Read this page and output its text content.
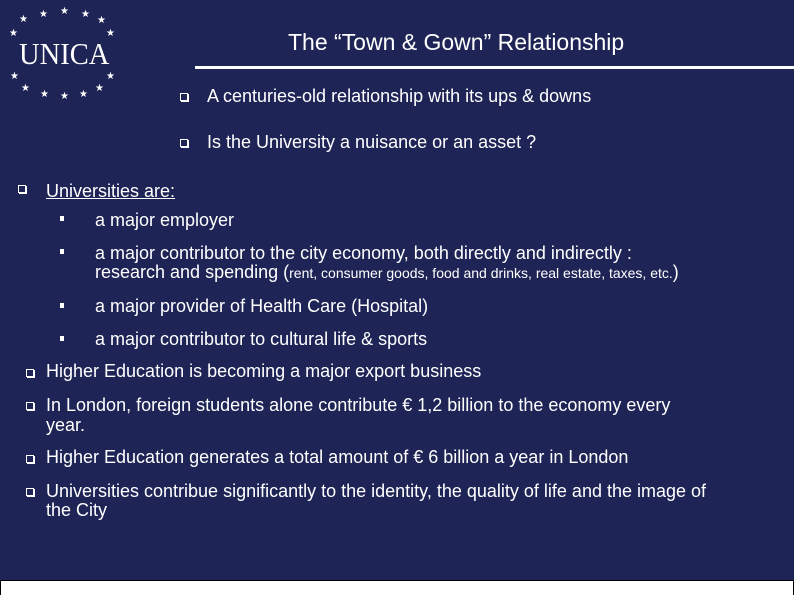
★ ★ ★ ★
★
★	★
UNICA
★	★
★
★ ★ ★
★
The “Town & Gown” Relationship
A centuries-old relationship with its ups & downs
Is the University a nuisance or an asset ?
Universities are:
a major employer
a major contributor to the city economy, both directly and indirectly :
research and spending (rent, consumer goods, food and drinks, real estate, taxes, etc.)
a major provider of Health Care (Hospital)
a major contributor to cultural life & sports
Higher Education is becoming a major export business
In London, foreign students alone contribute € 1,2 billion to the economy every
year.
Higher Education generates a total amount of € 6 billion a year in London
Universities contribue significantly to the identity, the quality of life and the image of
the City
